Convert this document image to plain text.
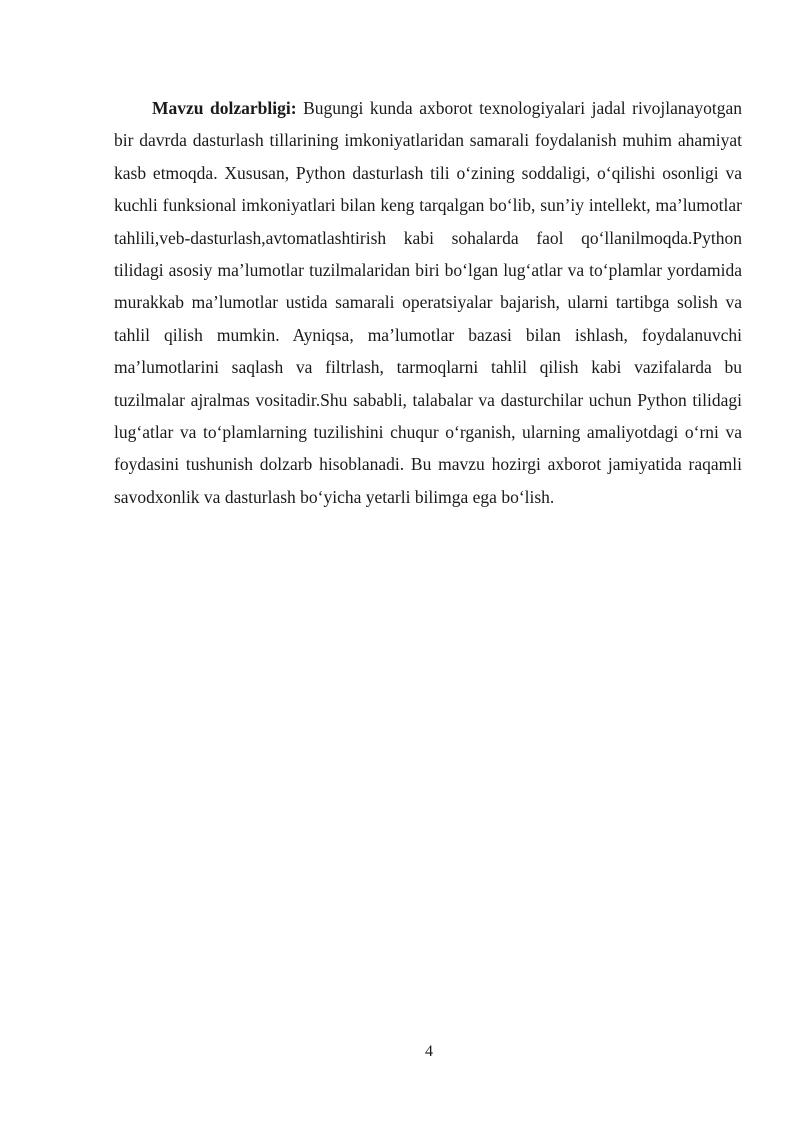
Mavzu dolzarbligi: Bugungi kunda axborot texnologiyalari jadal rivojlanayotgan bir davrda dasturlash tillarining imkoniyatlaridan samarali foydalanish muhim ahamiyat kasb etmoqda. Xususan, Python dasturlash tili o‘zining soddaligi, o‘qilishi osonligi va kuchli funksional imkoniyatlari bilan keng tarqalgan bo‘lib, sun’iy intellekt, ma’lumotlar tahlili,veb-dasturlash,avtomatlashtirish kabi sohalarda faol qo‘llanilmoqda.Python tilidagi asosiy ma’lumotlar tuzilmalaridan biri bo‘lgan lug‘atlar va to‘plamlar yordamida murakkab ma’lumotlar ustida samarali operatsiyalar bajarish, ularni tartibga solish va tahlil qilish mumkin. Ayniqsa, ma’lumotlar bazasi bilan ishlash, foydalanuvchi ma’lumotlarini saqlash va filtrlash, tarmoqlarni tahlil qilish kabi vazifalarda bu tuzilmalar ajralmas vositadir.Shu sababli, talabalar va dasturchilar uchun Python tilidagi lug‘atlar va to‘plamlarning tuzilishini chuqur o‘rganish, ularning amaliyotdagi o‘rni va foydasini tushunish dolzarb hisoblanadi. Bu mavzu hozirgi axborot jamiyatida raqamli savodxonlik va dasturlash bo‘yicha yetarli bilimga ega bo‘lish.

4
